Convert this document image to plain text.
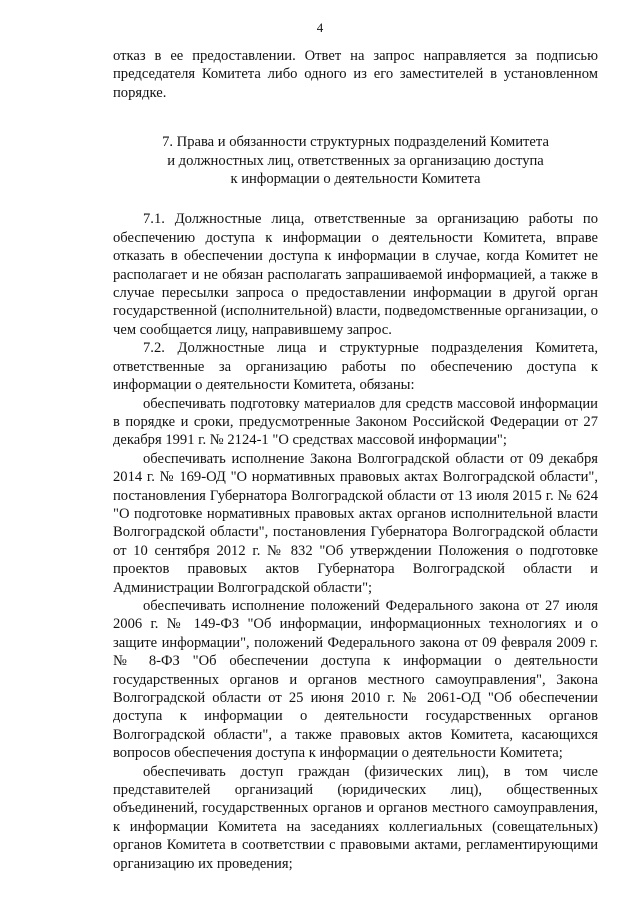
4

отказ в ее предоставлении. Ответ на запрос направляется за подписью председателя Комитета либо одного из его заместителей в установленном порядке.

7. Права и обязанности структурных подразделений Комитета
и должностных лиц, ответственных за организацию доступа
к информации о деятельности Комитета

7.1. Должностные лица, ответственные за организацию работы по обеспечению доступа к информации о деятельности Комитета, вправе отказать в обеспечении доступа к информации в случае, когда Комитет не располагает и не обязан располагать запрашиваемой информацией, а также в случае пересылки запроса о предоставлении информации в другой орган государственной (исполнительной) власти, подведомственные организации, о чем сообщается лицу, направившему запрос.

7.2. Должностные лица и структурные подразделения Комитета, ответственные за организацию работы по обеспечению доступа к информации о деятельности Комитета, обязаны:

обеспечивать подготовку материалов для средств массовой информации в порядке и сроки, предусмотренные Законом Российской Федерации от 27 декабря 1991 г. № 2124-1 "О средствах массовой информации";

обеспечивать исполнение Закона Волгоградской области от 09 декабря 2014 г. № 169-ОД "О нормативных правовых актах Волгоградской области", постановления Губернатора Волгоградской области от 13 июля 2015 г. № 624 "О подготовке нормативных правовых актах органов исполнительной власти Волгоградской области", постановления Губернатора Волгоградской области от 10 сентября 2012 г. № 832 "Об утверждении Положения о подготовке проектов правовых актов Губернатора Волгоградской области и Администрации Волгоградской области";

обеспечивать исполнение положений Федерального закона от 27 июля 2006 г. № 149-ФЗ "Об информации, информационных технологиях и о защите информации", положений Федерального закона от 09 февраля 2009 г. № 8-ФЗ "Об обеспечении доступа к информации о деятельности государственных органов и органов местного самоуправления", Закона Волгоградской области от 25 июня 2010 г. № 2061-ОД "Об обеспечении доступа к информации о деятельности государственных органов Волгоградской области", а также правовых актов Комитета, касающихся вопросов обеспечения доступа к информации о деятельности Комитета;

обеспечивать доступ граждан (физических лиц), в том числе представителей организаций (юридических лиц), общественных объединений, государственных органов и органов местного самоуправления, к информации Комитета на заседаниях коллегиальных (совещательных) органов Комитета в соответствии с правовыми актами, регламентирующими организацию их проведения;
